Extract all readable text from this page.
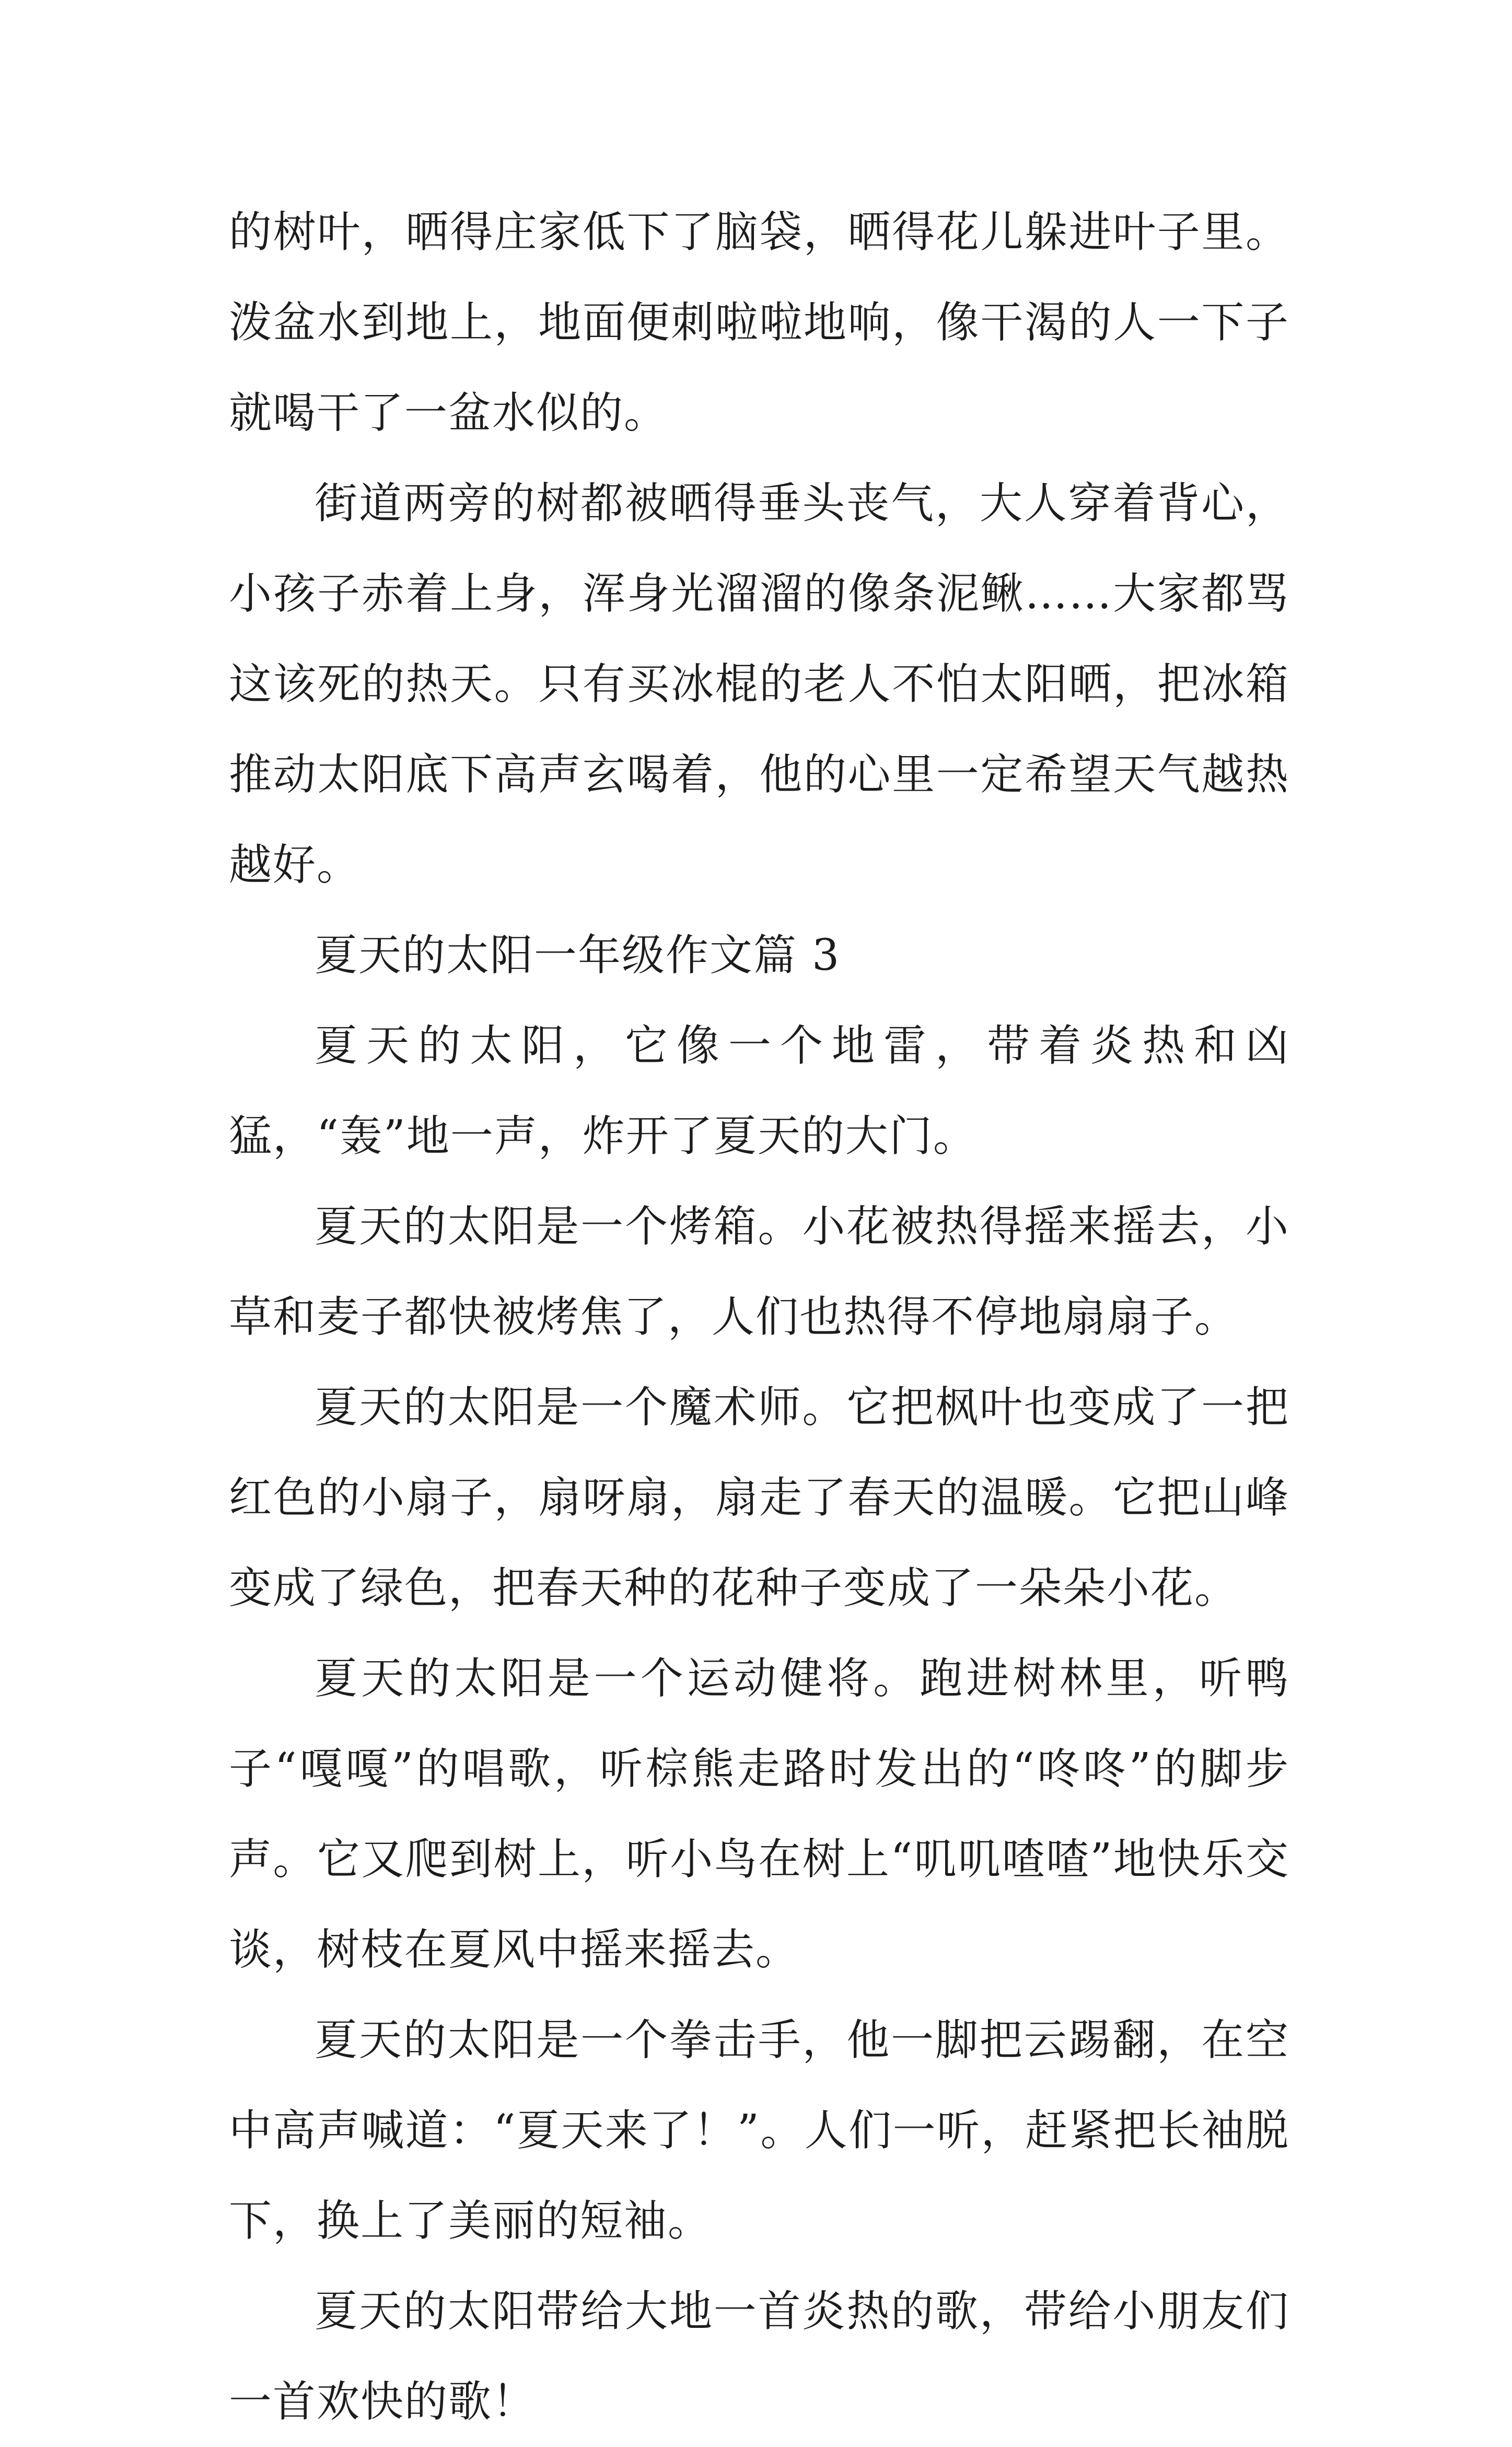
的树叶，晒得庄家低下了脑袋，晒得花儿躲进叶子里。泼盆水到地上，地面便刺啦啦地响，像干渴的人一下子就喝干了一盆水似的。

街道两旁的树都被晒得垂头丧气，大人穿着背心，小孩子赤着上身，浑身光溜溜的像条泥鳅……大家都骂这该死的热天。只有买冰棍的老人不怕太阳晒，把冰箱推动太阳底下高声玄喝着，他的心里一定希望天气越热越好。

夏天的太阳一年级作文篇 3

夏天的太阳，它像一个地雷，带着炎热和凶猛，“轰”地一声，炸开了夏天的大门。

夏天的太阳是一个烤箱。小花被热得摇来摇去，小草和麦子都快被烤焦了，人们也热得不停地扇扇子。

夏天的太阳是一个魔术师。它把枫叶也变成了一把红色的小扇子，扇呀扇，扇走了春天的温暖。它把山峰变成了绿色，把春天种的花种子变成了一朵朵小花。

夏天的太阳是一个运动健将。跑进树林里，听鸭子“嘎嘎”的唱歌，听棕熊走路时发出的“咚咚”的脚步声。它又爬到树上，听小鸟在树上“叽叽喳喳”地快乐交谈，树枝在夏风中摇来摇去。

夏天的太阳是一个拳击手，他一脚把云踢翻，在空中高声喊道：“夏天来了！”。人们一听，赶紧把长袖脱下，换上了美丽的短袖。

夏天的太阳带给大地一首炎热的歌，带给小朋友们一首欢快的歌！
